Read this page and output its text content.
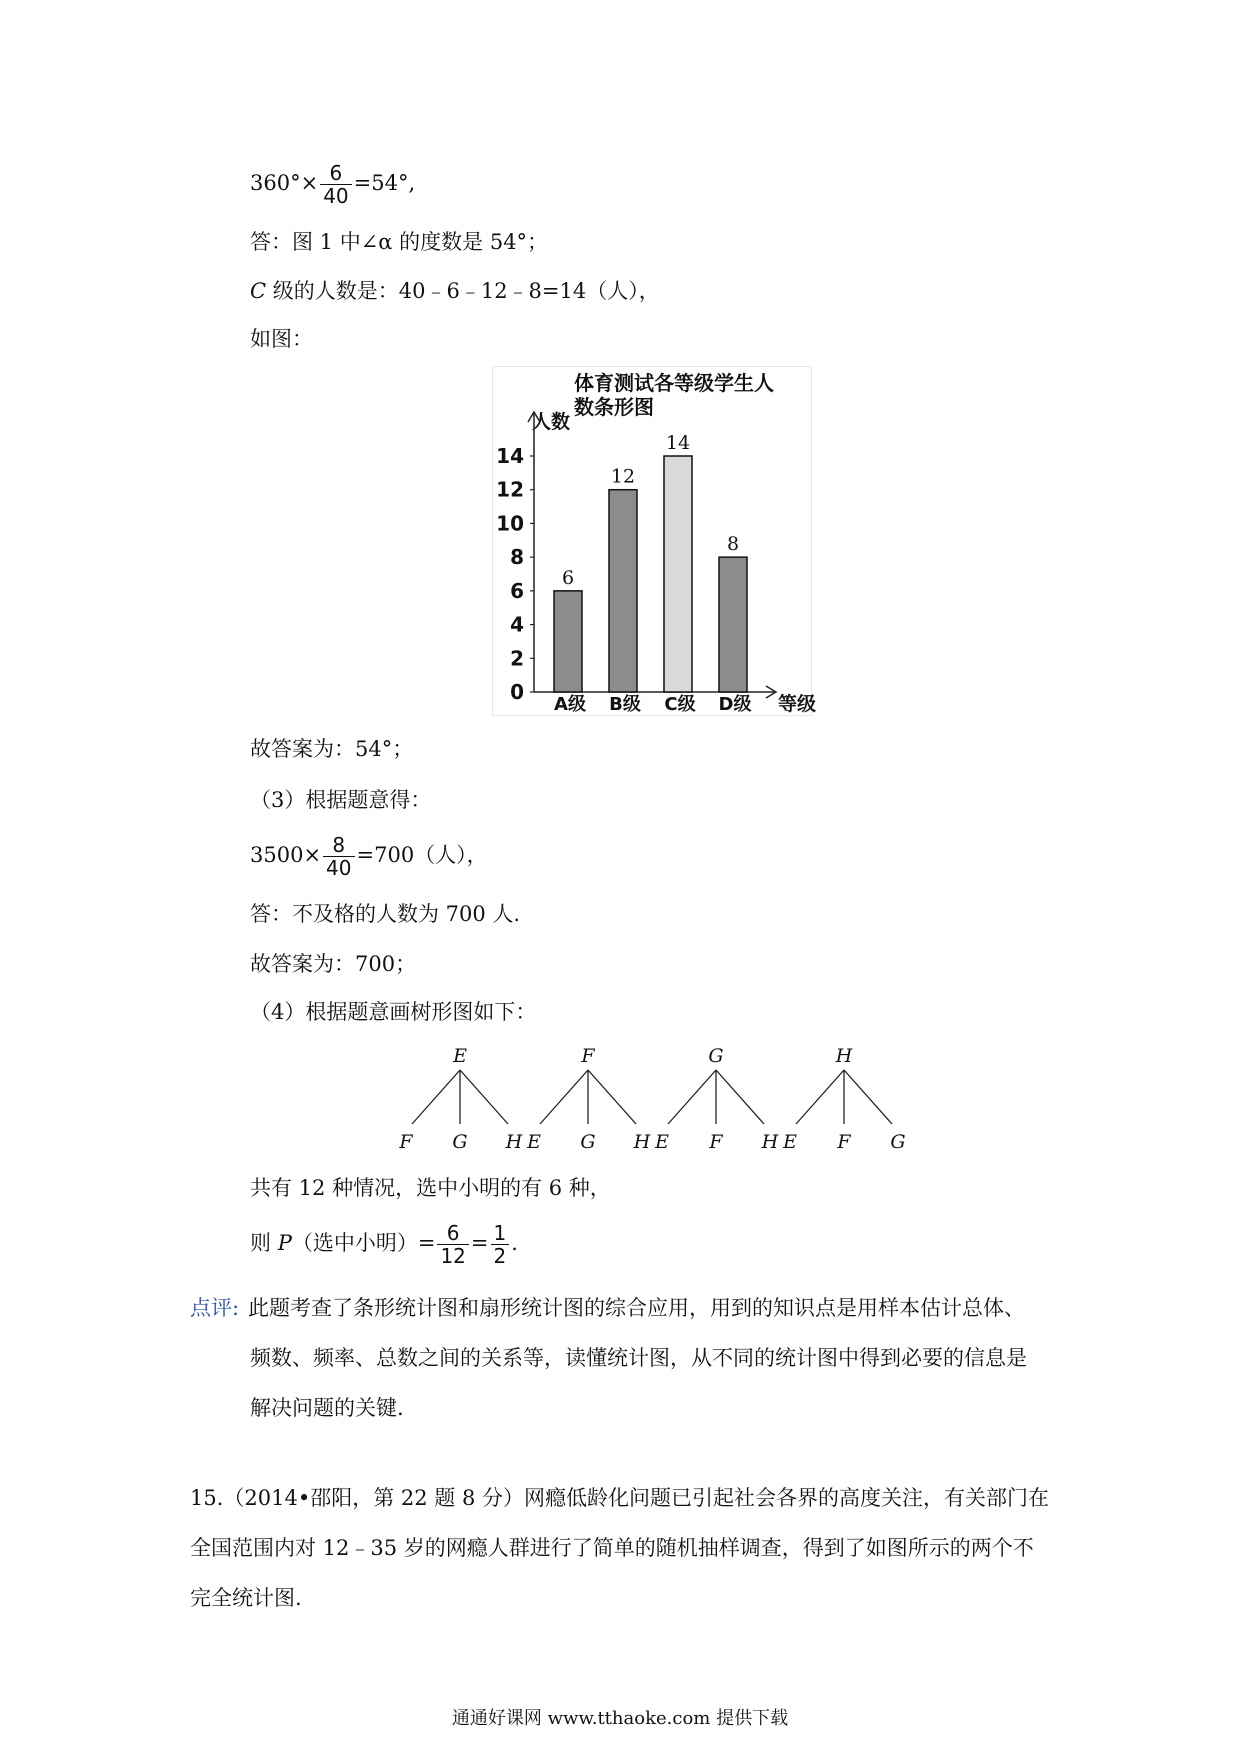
$360^\circ\times \frac{6}{40} =54^\circ$,
答：图 1 中∠α 的度数是 54°；
C 级的人数是：40﹣6﹣12﹣8=14（人），
如图：
体育测试各等级学生人
数条形图
人数
等级
0
2
4
6
8
10
12
14
6
A级
12
B级
14
C级
8
D级
故答案为：54°；
（3）根据题意得：
$3500\times \frac{8}{40} =700$（人），
答：不及格的人数为 700 人.
故答案为：700；
（4）根据题意画树形图如下：
E
F G H
F
E G H
G
E F H
H
E F G
共有 12 种情况，选中小明的有 6 种，
则 P（选中小明）= $\frac{6}{12} = \frac{1}{2}$ .
点评: 此题考查了条形统计图和扇形统计图的综合应用，用到的知识点是用样本估计总体、
频数、频率、总数之间的关系等，读懂统计图，从不同的统计图中得到必要的信息是
解决问题的关键.
15.（2014•邵阳，第 22 题 8 分）网瘾低龄化问题已引起社会各界的高度关注，有关部门在
全国范围内对 12﹣35 岁的网瘾人群进行了简单的随机抽样调查，得到了如图所示的两个不
完全统计图.
通通好课网 www.tthaoke.com 提供下载
